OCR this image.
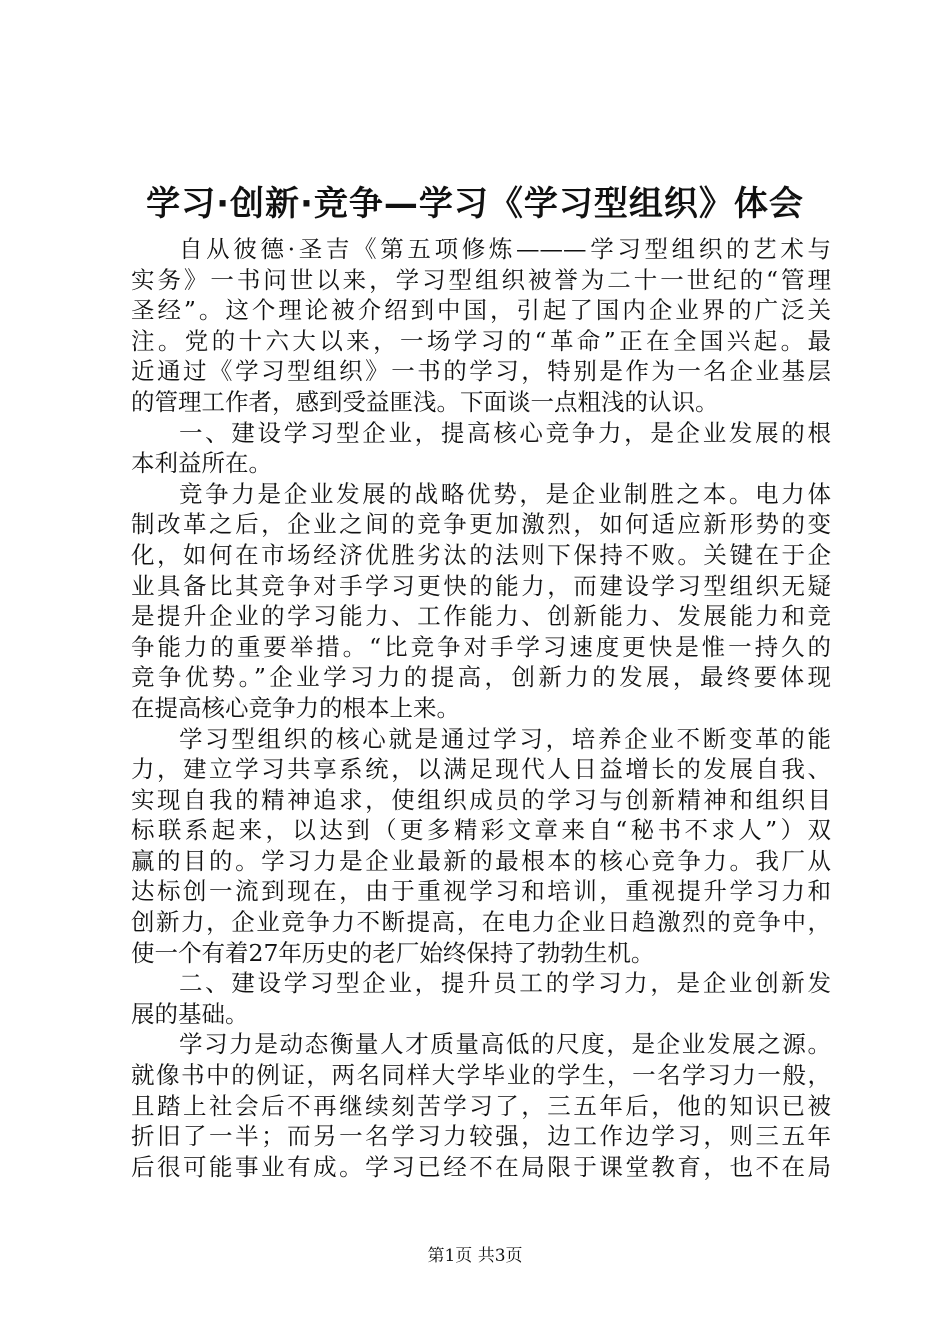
学习·创新·竞争—学习《学习型组织》体会
自从彼德·圣吉《第五项修炼———学习型组织的艺术与
实务》一书问世以来，学习型组织被誉为二十一世纪的“管理
圣经”。这个理论被介绍到中国，引起了国内企业界的广泛关
注。党的十六大以来，一场学习的“革命”正在全国兴起。最
近通过《学习型组织》一书的学习，特别是作为一名企业基层
的管理工作者，感到受益匪浅。下面谈一点粗浅的认识。
一、建设学习型企业，提高核心竞争力，是企业发展的根
本利益所在。
竞争力是企业发展的战略优势，是企业制胜之本。电力体
制改革之后，企业之间的竞争更加激烈，如何适应新形势的变
化，如何在市场经济优胜劣汰的法则下保持不败。关键在于企
业具备比其竞争对手学习更快的能力，而建设学习型组织无疑
是提升企业的学习能力、工作能力、创新能力、发展能力和竞
争能力的重要举措。“比竞争对手学习速度更快是惟一持久的
竞争优势。”企业学习力的提高，创新力的发展，最终要体现
在提高核心竞争力的根本上来。
学习型组织的核心就是通过学习，培养企业不断变革的能
力，建立学习共享系统，以满足现代人日益增长的发展自我、
实现自我的精神追求，使组织成员的学习与创新精神和组织目
标联系起来，以达到（更多精彩文章来自“秘书不求人”）双
赢的目的。学习力是企业最新的最根本的核心竞争力。我厂从
达标创一流到现在，由于重视学习和培训，重视提升学习力和
创新力，企业竞争力不断提高，在电力企业日趋激烈的竞争中，
使一个有着27年历史的老厂始终保持了勃勃生机。
二、建设学习型企业，提升员工的学习力，是企业创新发
展的基础。
学习力是动态衡量人才质量高低的尺度，是企业发展之源。
就像书中的例证，两名同样大学毕业的学生，一名学习力一般，
且踏上社会后不再继续刻苦学习了，三五年后，他的知识已被
折旧了一半；而另一名学习力较强，边工作边学习，则三五年
后很可能事业有成。学习已经不在局限于课堂教育，也不在局
第1页 共3页
